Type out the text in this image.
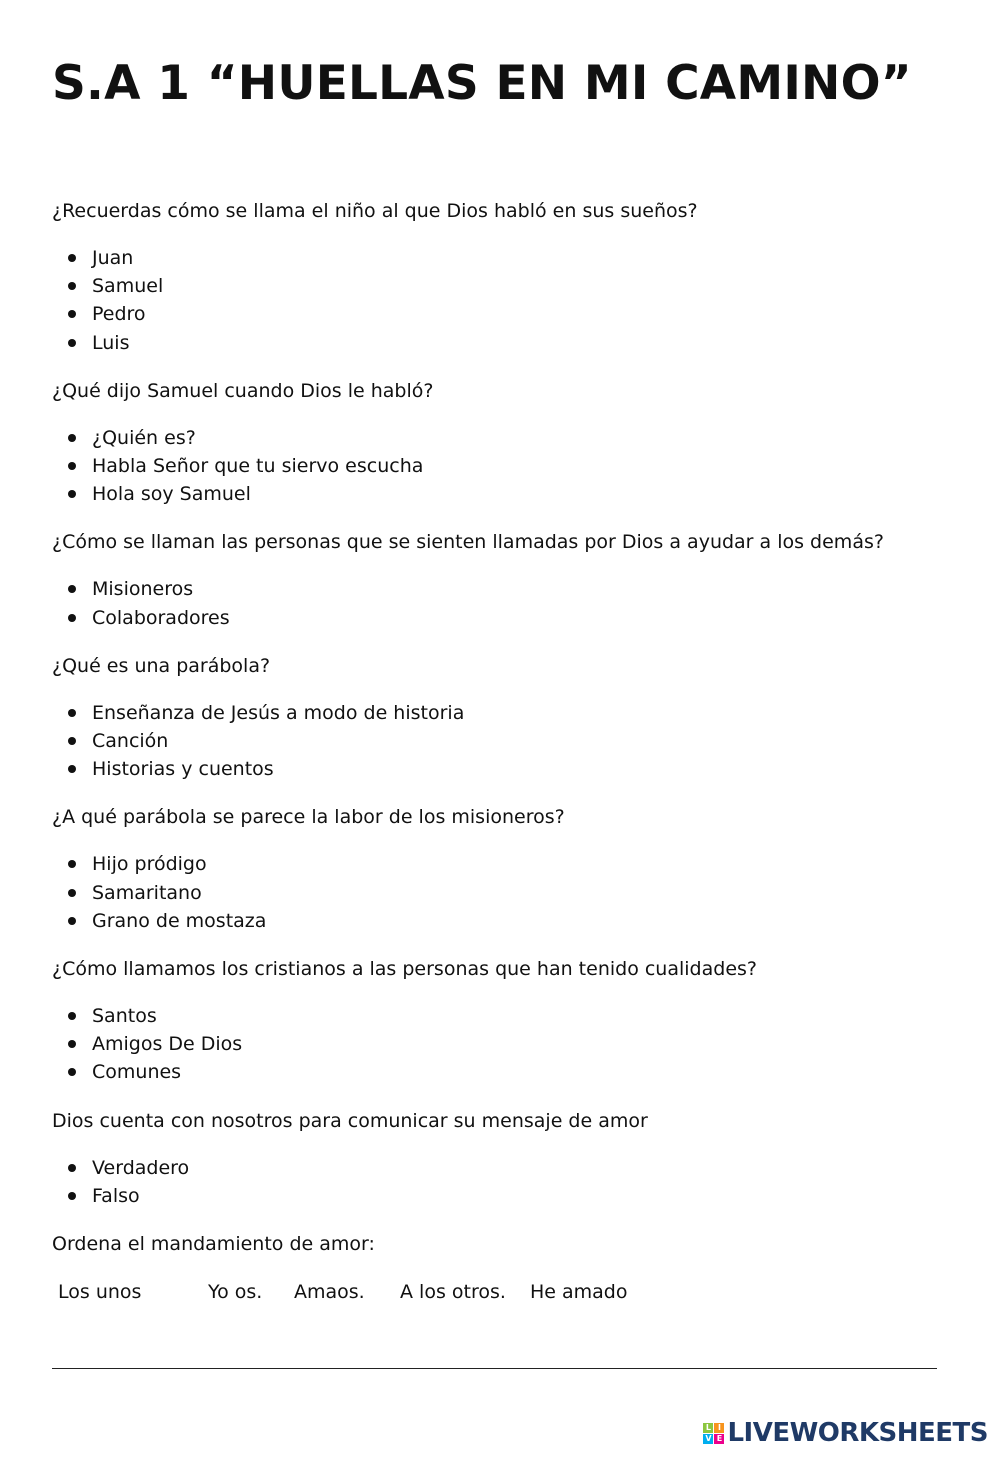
S.A 1 “HUELLAS EN MI CAMINO”

¿Recuerdas cómo se llama el niño al que Dios habló en sus sueños?

Juan
Samuel
Pedro
Luis

¿Qué dijo Samuel cuando Dios le habló?

¿Quién es?
Habla Señor que tu siervo escucha
Hola soy Samuel

¿Cómo se llaman las personas que se sienten llamadas por Dios a ayudar a los demás?

Misioneros
Colaboradores

¿Qué es una parábola?

Enseñanza de Jesús a modo de historia
Canción
Historias y cuentos

¿A qué parábola se parece la labor de los misioneros?

Hijo pródigo
Samaritano
Grano de mostaza

¿Cómo llamamos los cristianos a las personas que han tenido cualidades?

Santos
Amigos De Dios
Comunes

Dios cuenta con nosotros para comunicar su mensaje de amor

Verdadero
Falso

Ordena el mandamiento de amor:

Los unos	Yo os.	Amaos.	A los otros.	He amado
L I
V E LIVEWORKSHEETS
